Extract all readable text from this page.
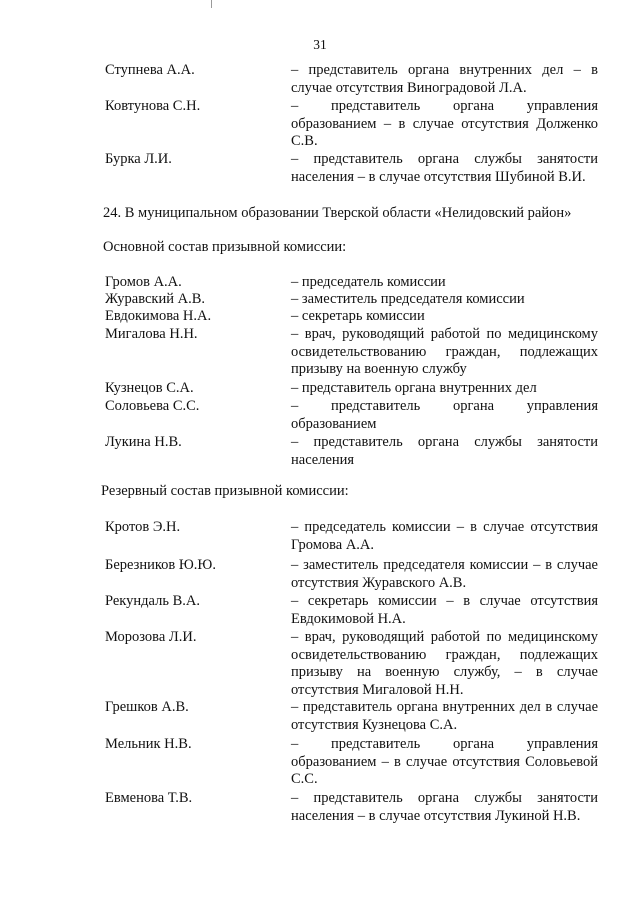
31
Ступнева А.А.	– представитель органа внутренних дел – в случае отсутствия Виноградовой Л.А.
Ковтунова С.Н.	– представитель органа управления образованием – в случае отсутствия Долженко С.В.
Бурка Л.И.	– представитель органа службы занятости населения – в случае отсутствия Шубиной В.И.
24. В муниципальном образовании Тверской области «Нелидовский район»
Основной состав призывной комиссии:
Громов А.А.	– председатель комиссии
Журавский А.В.	– заместитель председателя комиссии
Евдокимова Н.А.	– секретарь комиссии
Мигалова Н.Н.	– врач, руководящий работой по медицинскому освидетельствованию граждан, подлежащих призыву на военную службу
Кузнецов С.А.	– представитель органа внутренних дел
Соловьева С.С.	– представитель органа управления образованием
Лукина Н.В.	– представитель органа службы занятости населения
Резервный состав призывной комиссии:
Кротов Э.Н.	– председатель комиссии – в случае отсутствия Громова А.А.
Березников Ю.Ю.	– заместитель председателя комиссии – в случае отсутствия Журавского А.В.
Рекундаль В.А.	– секретарь комиссии – в случае отсутствия Евдокимовой Н.А.
Морозова Л.И.	– врач, руководящий работой по медицинскому освидетельствованию граждан, подлежащих призыву на военную службу, – в случае отсутствия Мигаловой Н.Н.
Грешков А.В.	– представитель органа внутренних дел в случае отсутствия Кузнецова С.А.
Мельник Н.В.	– представитель органа управления образованием – в случае отсутствия Соловьевой С.С.
Евменова Т.В.	– представитель органа службы занятости населения – в случае отсутствия Лукиной Н.В.
